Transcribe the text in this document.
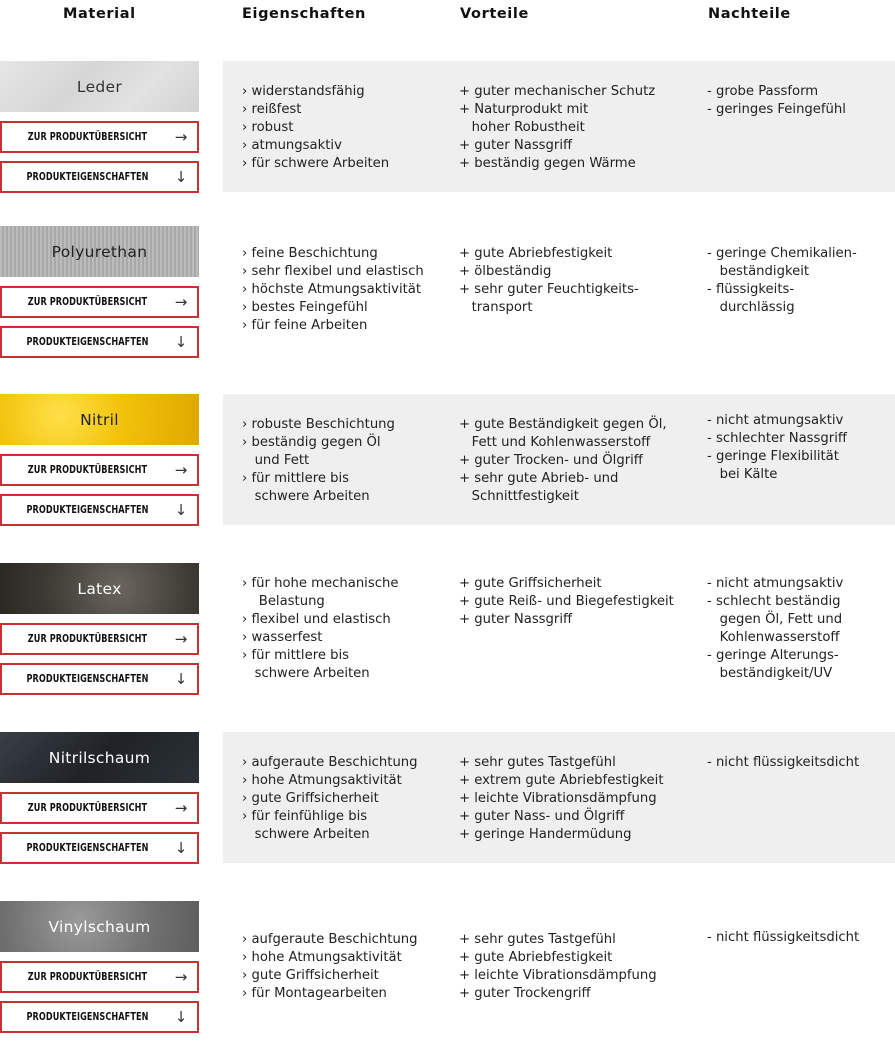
Material	Eigenschaften	Vorteile	Nachteile
Leder
ZUR PRODUKTÜBERSICHT	→
PRODUKTEIGENSCHAFTEN	↓
› widerstandsfähig
› reißfest
› robust
› atmungsaktiv
› für schwere Arbeiten
+ guter mechanischer Schutz
+ Naturprodukt mit
hoher Robustheit
+ guter Nassgriff
+ beständig gegen Wärme
- grobe Passform
- geringes Feingefühl
Polyurethan
ZUR PRODUKTÜBERSICHT	→
PRODUKTEIGENSCHAFTEN	↓
› feine Beschichtung
› sehr flexibel und elastisch
› höchste Atmungsaktivität
› bestes Feingefühl
› für feine Arbeiten
+ gute Abriebfestigkeit
+ ölbeständig
+ sehr guter Feuchtigkeits-
transport
- geringe Chemikalien-
beständigkeit
- flüssigkeits-
durchlässig
Nitril
ZUR PRODUKTÜBERSICHT	→
PRODUKTEIGENSCHAFTEN	↓
› robuste Beschichtung
› beständig gegen Öl
und Fett
› für mittlere bis
schwere Arbeiten
+ gute Beständigkeit gegen Öl,
Fett und Kohlenwasserstoff
+ guter Trocken- und Ölgriff
+ sehr gute Abrieb- und
Schnittfestigkeit
- nicht atmungsaktiv
- schlechter Nassgriff
- geringe Flexibilität
bei Kälte
Latex
ZUR PRODUKTÜBERSICHT	→
PRODUKTEIGENSCHAFTEN	↓
› für hohe mechanische
Belastung
› flexibel und elastisch
› wasserfest
› für mittlere bis
schwere Arbeiten
+ gute Griffsicherheit
+ gute Reiß- und Biegefestigkeit
+ guter Nassgriff
- nicht atmungsaktiv
- schlecht beständig
gegen Öl, Fett und
Kohlenwasserstoff
- geringe Alterungs-
beständigkeit/UV
Nitrilschaum
ZUR PRODUKTÜBERSICHT	→
PRODUKTEIGENSCHAFTEN	↓
› aufgeraute Beschichtung
› hohe Atmungsaktivität
› gute Griffsicherheit
› für feinfühlige bis
schwere Arbeiten
+ sehr gutes Tastgefühl
+ extrem gute Abriebfestigkeit
+ leichte Vibrationsdämpfung
+ guter Nass- und Ölgriff
+ geringe Handermüdung
- nicht flüssigkeitsdicht
Vinylschaum
ZUR PRODUKTÜBERSICHT	→
PRODUKTEIGENSCHAFTEN	↓
› aufgeraute Beschichtung
› hohe Atmungsaktivität
› gute Griffsicherheit
› für Montagearbeiten
+ sehr gutes Tastgefühl
+ gute Abriebfestigkeit
+ leichte Vibrationsdämpfung
+ guter Trockengriff
- nicht flüssigkeitsdicht
